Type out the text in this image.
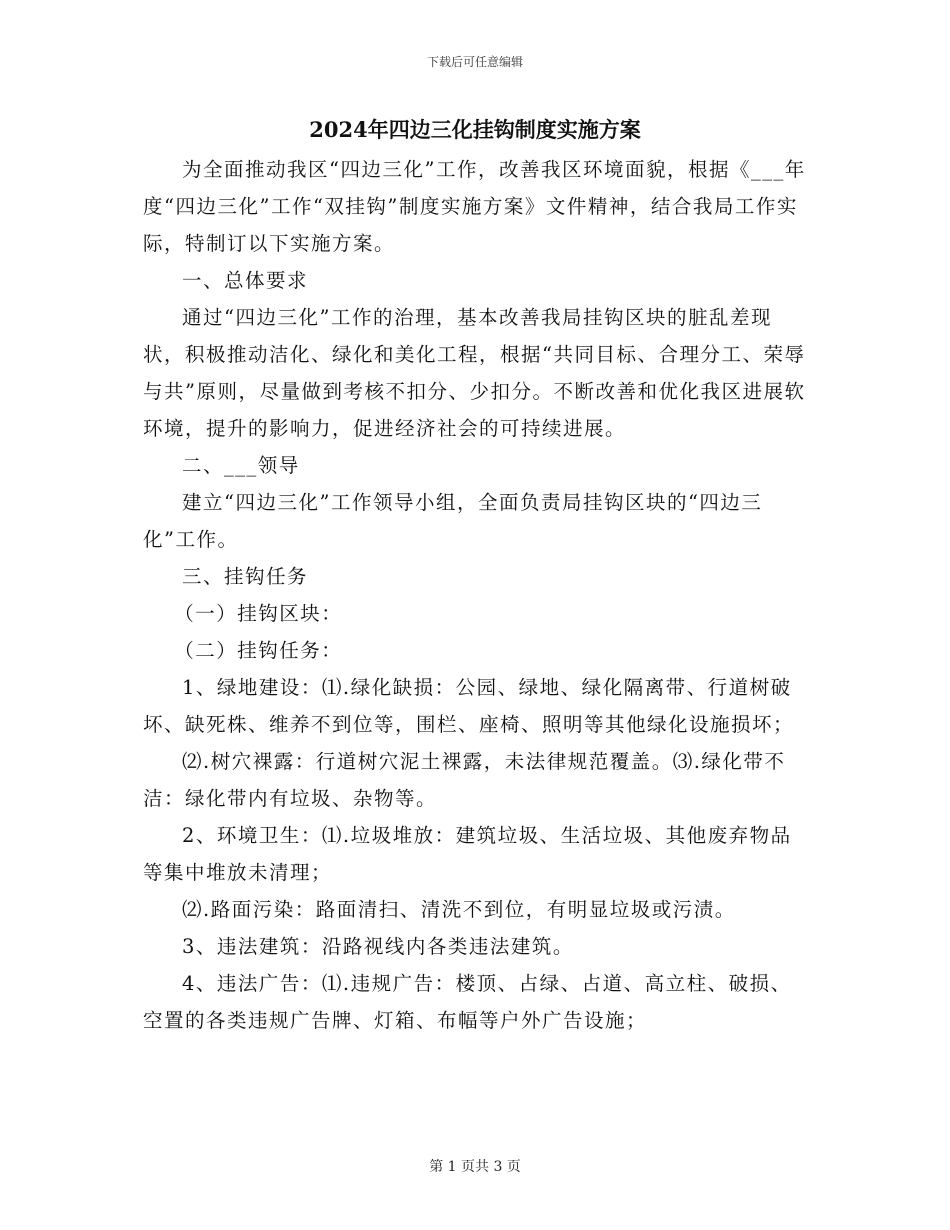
下载后可任意编辑
2024年四边三化挂钩制度实施方案

为全面推动我区“四边三化”工作，改善我区环境面貌，根据《___年度“四边三化”工作“双挂钩”制度实施方案》文件精神，结合我局工作实际，特制订以下实施方案。

一、总体要求

通过“四边三化”工作的治理，基本改善我局挂钩区块的脏乱差现状，积极推动洁化、绿化和美化工程，根据“共同目标、合理分工、荣辱与共”原则，尽量做到考核不扣分、少扣分。不断改善和优化我区进展软环境，提升的影响力，促进经济社会的可持续进展。

二、___领导

建立“四边三化”工作领导小组，全面负责局挂钩区块的“四边三化”工作。

三、挂钩任务

（一）挂钩区块：

（二）挂钩任务：

1、绿地建设：⑴.绿化缺损：公园、绿地、绿化隔离带、行道树破坏、缺死株、维养不到位等，围栏、座椅、照明等其他绿化设施损坏；

⑵.树穴裸露：行道树穴泥土裸露，未法律规范覆盖。⑶.绿化带不洁：绿化带内有垃圾、杂物等。

2、环境卫生：⑴.垃圾堆放：建筑垃圾、生活垃圾、其他废弃物品等集中堆放未清理；

⑵.路面污染：路面清扫、清洗不到位，有明显垃圾或污渍。

3、违法建筑：沿路视线内各类违法建筑。

4、违法广告：⑴.违规广告：楼顶、占绿、占道、高立柱、破损、空置的各类违规广告牌、灯箱、布幅等户外广告设施；

第 1 页共 3 页
